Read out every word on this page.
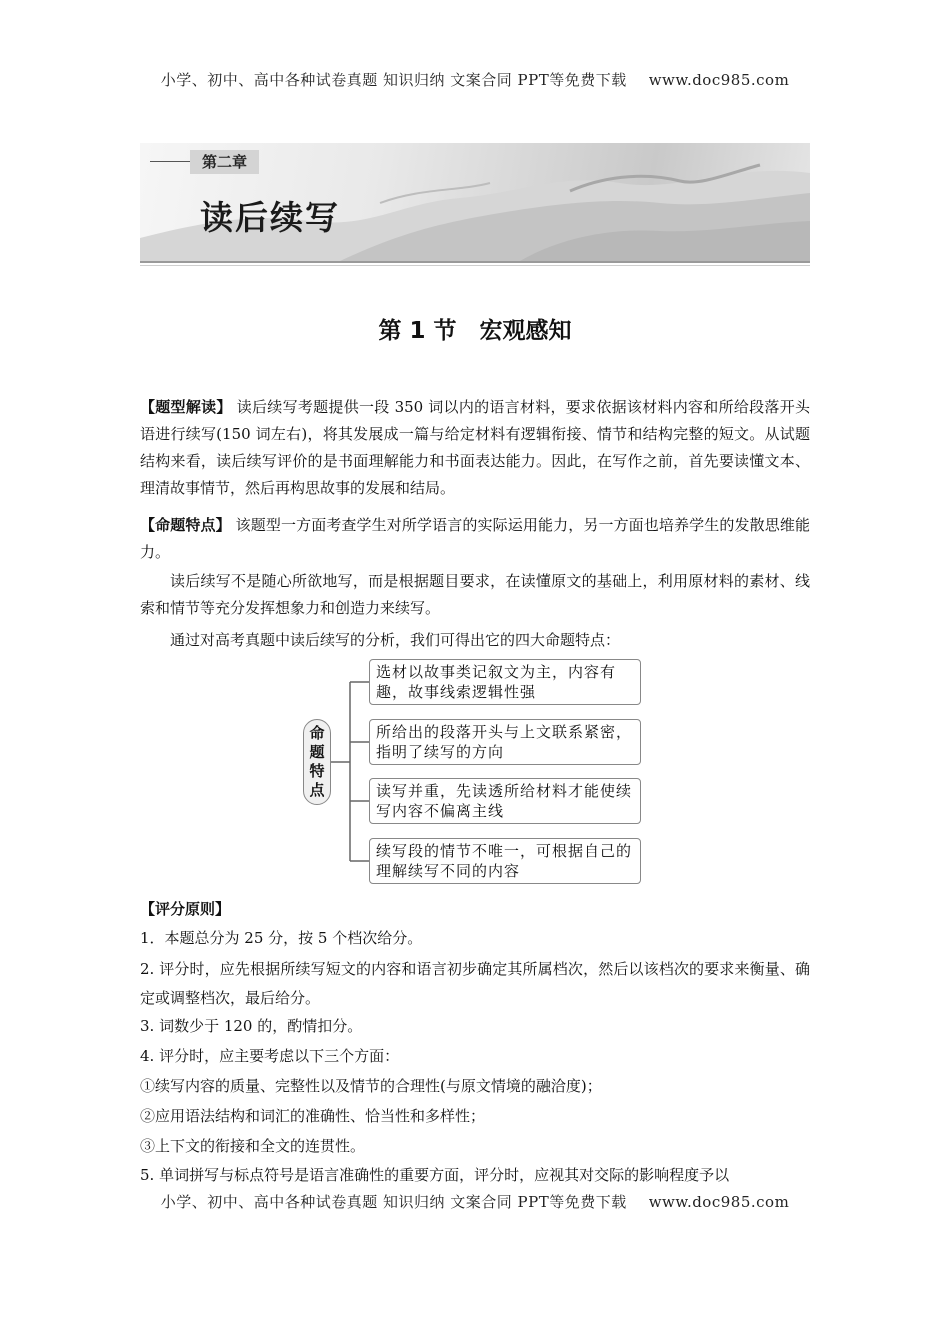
小学、初中、高中各种试卷真题 知识归纳 文案合同 PPT等免费下载 www.doc985.com
第二章
读后续写
第 1 节　宏观感知
【题型解读】 读后续写考题提供一段 350 词以内的语言材料，要求依据该材料内容和所给段落开头语进行续写(150 词左右)，将其发展成一篇与给定材料有逻辑衔接、情节和结构完整的短文。从试题结构来看，读后续写评价的是书面理解能力和书面表达能力。因此，在写作之前，首先要读懂文本、理清故事情节，然后再构思故事的发展和结局。
【命题特点】 该题型一方面考查学生对所学语言的实际运用能力，另一方面也培养学生的发散思维能力。
读后续写不是随心所欲地写，而是根据题目要求，在读懂原文的基础上，利用原材料的素材、线索和情节等充分发挥想象力和创造力来续写。
通过对高考真题中读后续写的分析，我们可得出它的四大命题特点：
命
题
特
点
选材以故事类记叙文为主，内容有趣，故事线索逻辑性强
所给出的段落开头与上文联系紧密，指明了续写的方向
读写并重，先读透所给材料才能使续写内容不偏离主线
续写段的情节不唯一，可根据自己的理解续写不同的内容
【评分原则】
1．本题总分为 25 分，按 5 个档次给分。
2. 评分时，应先根据所续写短文的内容和语言初步确定其所属档次，然后以该档次的要求来衡量、确定或调整档次，最后给分。
3. 词数少于 120 的，酌情扣分。
4. 评分时，应主要考虑以下三个方面：
①续写内容的质量、完整性以及情节的合理性(与原文情境的融洽度)；
②应用语法结构和词汇的准确性、恰当性和多样性；
③上下文的衔接和全文的连贯性。
5. 单词拼写与标点符号是语言准确性的重要方面，评分时，应视其对交际的影响程度予以
小学、初中、高中各种试卷真题 知识归纳 文案合同 PPT等免费下载 www.doc985.com
